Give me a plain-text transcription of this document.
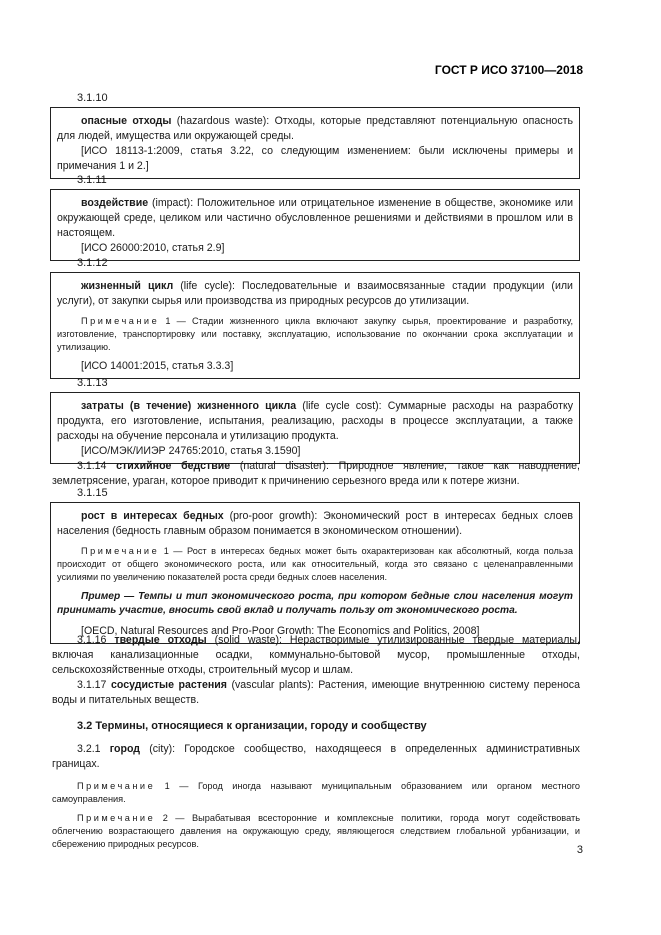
ГОСТ Р ИСО 37100—2018
3.1.10

опасные отходы (hazardous waste): Отходы, которые представляют потенциальную опасность для людей, имущества или окружающей среды.

[ИСО 18113-1:2009, статья 3.22, со следующим изменением: были исключены примеры и примечания 1 и 2.]

3.1.11

воздействие (impact): Положительное или отрицательное изменение в обществе, экономике или окружающей среде, целиком или частично обусловленное решениями и действиями в прошлом или в настоящем.

[ИСО 26000:2010, статья 2.9]

3.1.12

жизненный цикл (life cycle): Последовательные и взаимосвязанные стадии продукции (или услуги), от закупки сырья или производства из природных ресурсов до утилизации.

Примечание 1 — Стадии жизненного цикла включают закупку сырья, проектирование и разработку, изготовление, транспортировку или поставку, эксплуатацию, использование по окончании срока эксплуатации и утилизацию.

[ИСО 14001:2015, статья 3.3.3]

3.1.13

затраты (в течение) жизненного цикла (life cycle cost): Суммарные расходы на разработку продукта, его изготовление, испытания, реализацию, расходы в процессе эксплуатации, а также расходы на обучение персонала и утилизацию продукта.

[ИСО/МЭК/ИИЭР 24765:2010, статья 3.1590]

3.1.14 стихийное бедствие (natural disaster): Природное явление, такое как наводнение, землетрясение, ураган, которое приводит к причинению серьезного вреда или к потере жизни.

3.1.15

рост в интересах бедных (pro-poor growth): Экономический рост в интересах бедных слоев населения (бедность главным образом понимается в экономическом отношении).

Примечание 1 — Рост в интересах бедных может быть охарактеризован как абсолютный, когда польза происходит от общего экономического роста, или как относительный, когда это связано с целенаправленными усилиями по увеличению показателей роста среди бедных слоев населения.

Пример — Темпы и тип экономического роста, при котором бедные слои населения могут принимать участие, вносить свой вклад и получать пользу от экономического роста.

[OECD, Natural Resources and Pro-Poor Growth: The Economics and Politics, 2008]

3.1.16 твердые отходы (solid waste): Нерастворимые утилизированные твердые материалы, включая канализационные осадки, коммунально-бытовой мусор, промышленные отходы, сельскохозяйственные отходы, строительный мусор и шлам.

3.1.17 сосудистые растения (vascular plants): Растения, имеющие внутреннюю систему переноса воды и питательных веществ.

3.2 Термины, относящиеся к организации, городу и сообществу

3.2.1 город (city): Городское сообщество, находящееся в определенных административных границах.

Примечание 1 — Город иногда называют муниципальным образованием или органом местного самоуправления.

Примечание 2 — Вырабатывая всесторонние и комплексные политики, города могут содействовать облегчению возрастающего давления на окружающую среду, являющегося следствием глобальной урбанизации, и сбережению природных ресурсов.	3
